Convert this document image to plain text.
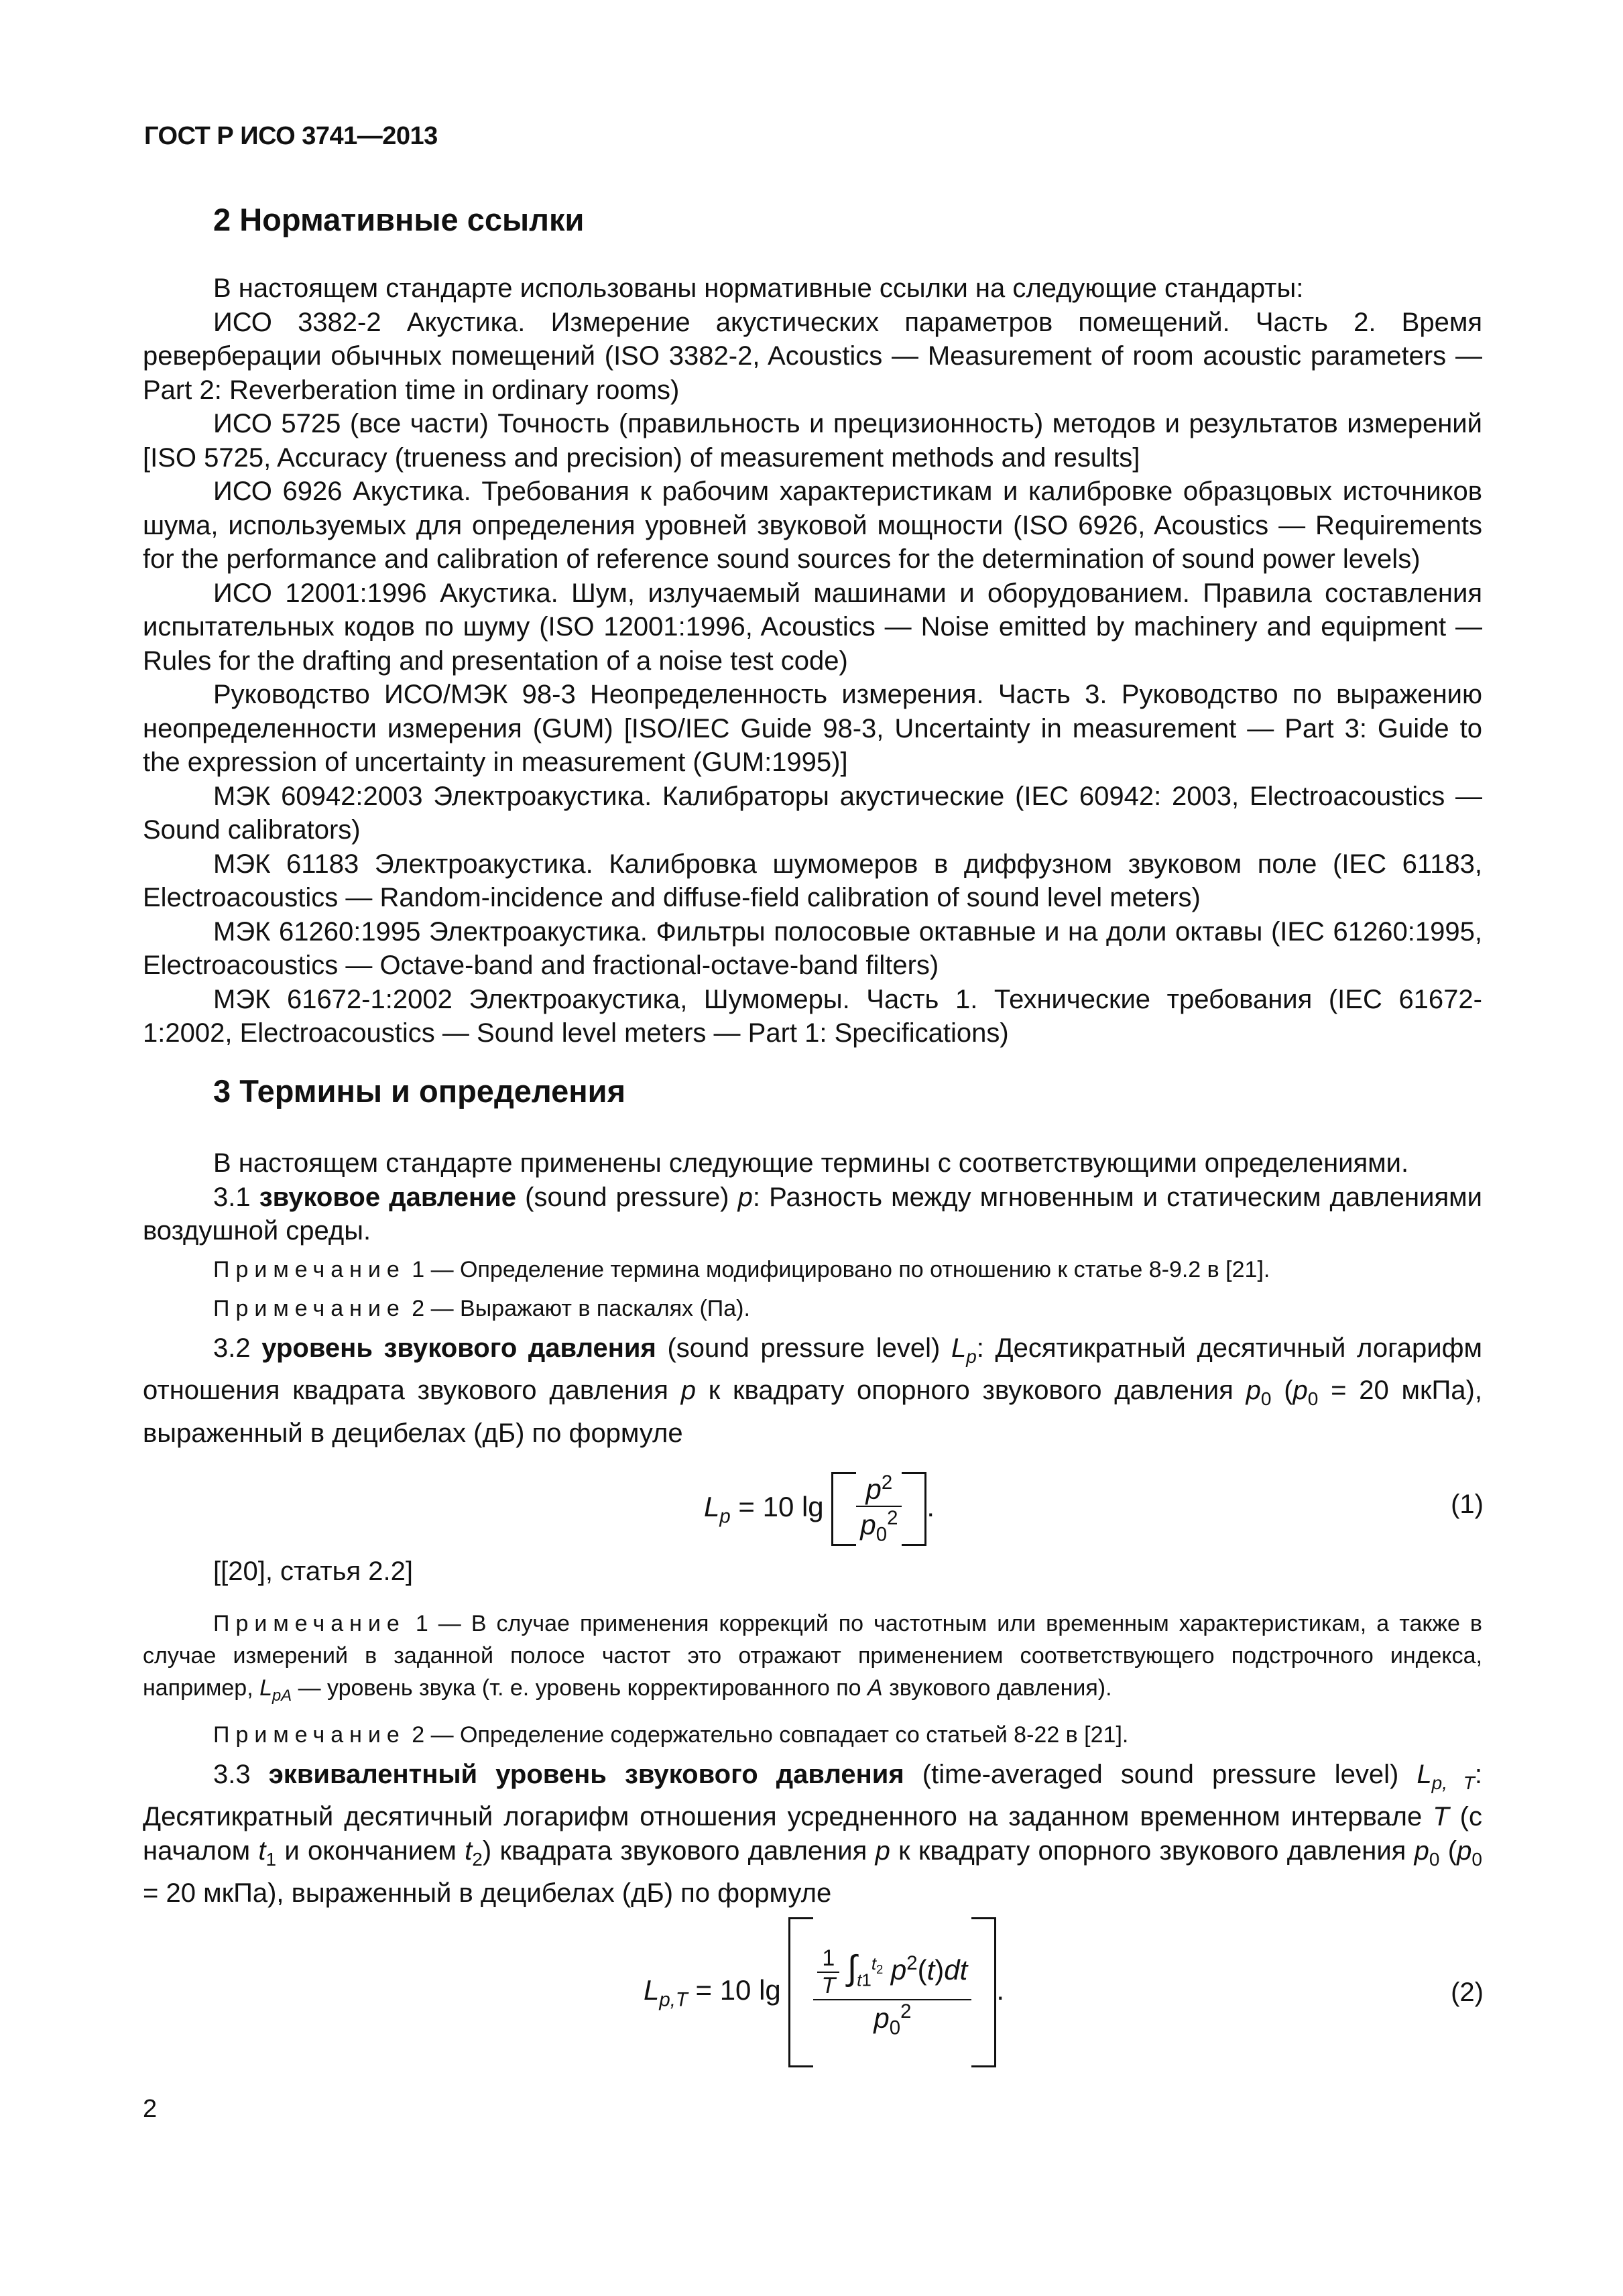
ГОСТ Р ИСО 3741—2013
2 Нормативные ссылки

В настоящем стандарте использованы нормативные ссылки на следующие стандарты:

ИСО 3382-2 Акустика. Измерение акустических параметров помещений. Часть 2. Время реверберации обычных помещений (ISO 3382-2, Acoustics — Measurement of room acoustic parameters — Part 2: Reverberation time in ordinary rooms)

ИСО 5725 (все части) Точность (правильность и прецизионность) методов и результатов измерений [ISO 5725, Accuracy (trueness and precision) of measurement methods and results]

ИСО 6926 Акустика. Требования к рабочим характеристикам и калибровке образцовых источников шума, используемых для определения уровней звуковой мощности (ISO 6926, Acoustics — Requirements for the performance and calibration of reference sound sources for the determination of sound power levels)

ИСО 12001:1996 Акустика. Шум, излучаемый машинами и оборудованием. Правила составления испытательных кодов по шуму (ISO 12001:1996, Acoustics — Noise emitted by machinery and equipment — Rules for the drafting and presentation of a noise test code)

Руководство ИСО/МЭК 98-3 Неопределенность измерения. Часть 3. Руководство по выражению неопределенности измерения (GUM) [ISO/IEC Guide 98-3, Uncertainty in measurement — Part 3: Guide to the expression of uncertainty in measurement (GUM:1995)]

МЭК 60942:2003 Электроакустика. Калибраторы акустические (IEC 60942: 2003, Electroacoustics — Sound calibrators)

МЭК 61183 Электроакустика. Калибровка шумомеров в диффузном звуковом поле (IEC 61183, Electroacoustics — Random-incidence and diffuse-field calibration of sound level meters)

МЭК 61260:1995 Электроакустика. Фильтры полосовые октавные и на доли октавы (IEC 61260:1995, Electroacoustics — Octave-band and fractional-octave-band filters)

МЭК 61672-1:2002 Электроакустика, Шумомеры. Часть 1. Технические требования (IEC 61672-1:2002, Electroacoustics — Sound level meters — Part 1: Specifications)

3 Термины и определения

В настоящем стандарте применены следующие термины с соответствующими определениями.

3.1 звуковое давление (sound pressure) p: Разность между мгновенным и статическим давлениями воздушной среды.

Примечание 1 — Определение термина модифицировано по отношению к статье 8-9.2 в [21].

Примечание 2 — Выражают в паскалях (Па).

3.2 уровень звукового давления (sound pressure level) $L_p$: Десятикратный десятичный логарифм отношения квадрата звукового давления p к квадрату опорного звукового давления $p_0$ ($p_0 = 20$ мкПа), выраженный в децибелах (дБ) по формуле

$L_p = 10$ $\lg \frac{p^2}{p_0^2}$ .	(1)
[[20], статья 2.2]

Примечание 1 — В случае применения коррекций по частотным или временным характеристикам, а также в случае измерений в заданной полосе частот это отражают применением соответствующего подстрочного индекса, например, $L_{pA}$ — уровень звука (т. е. уровень корректированного по A звукового давления).

Примечание 2 — Определение содержательно совпадает со статьей 8-22 в [21].

3.3 эквивалентный уровень звукового давления (time-averaged sound pressure level) $L_{p, T}$: Десятикратный десятичный логарифм отношения усредненного на заданном временном интервале T (с началом $t_1$ и окончанием $t_2$) квадрата звукового давления p к квадрату опорного звукового давления $p_0$ ($p_0 = 20$ мкПа), выраженный в децибелах (дБ) по формуле

$L_{p,T} = 10$ $\lg \frac{\frac{1}{T} \int_{t1}^{t_2} p^2(t)dt}{p_0^2}$ .	(2)
2
